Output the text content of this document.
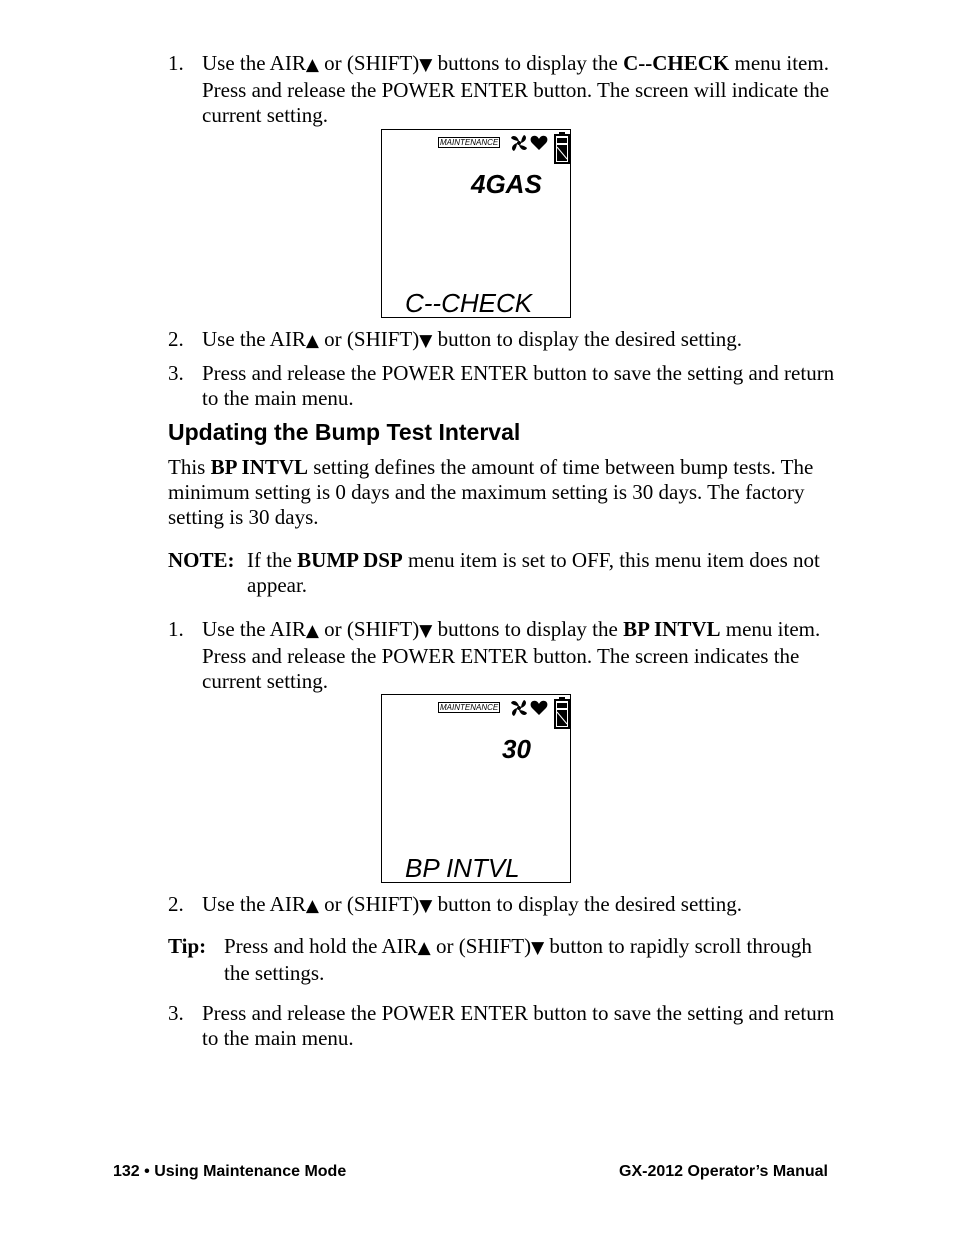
1. Use the AIR▲ or (SHIFT)▼ buttons to display the C--CHECK menu item. Press and release the POWER ENTER button. The screen will indicate the current setting.
MAINTENANCE
4GAS
C--CHECK
2. Use the AIR▲ or (SHIFT)▼ button to display the desired setting.
3. Press and release the POWER ENTER button to save the setting and return to the main menu.
Updating the Bump Test Interval
This BP INTVL setting defines the amount of time between bump tests. The minimum setting is 0 days and the maximum setting is 30 days. The factory setting is 30 days.
NOTE: If the BUMP DSP menu item is set to OFF, this menu item does not appear.
1. Use the AIR▲ or (SHIFT)▼ buttons to display the BP INTVL menu item. Press and release the POWER ENTER button. The screen indicates the current setting.
MAINTENANCE
30
BP INTVL
2. Use the AIR▲ or (SHIFT)▼ button to display the desired setting.
Tip: Press and hold the AIR▲ or (SHIFT)▼ button to rapidly scroll through the settings.
3. Press and release the POWER ENTER button to save the setting and return to the main menu.
132 • Using Maintenance Mode	GX-2012 Operator’s Manual
